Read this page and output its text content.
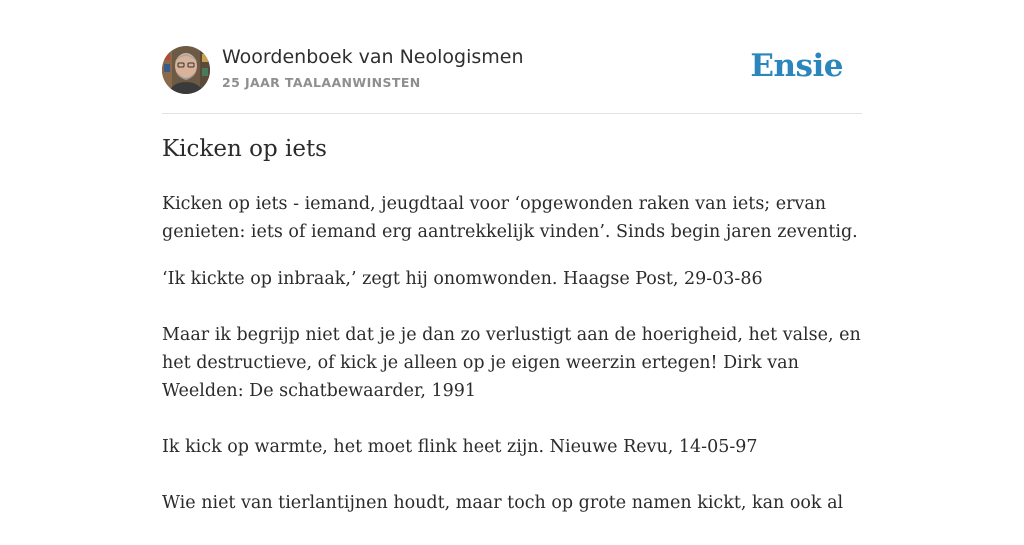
Woordenboek van Neologismen
25 JAAR TAALAANWINSTEN	Ensie
Kicken op iets

Kicken op iets - iemand, jeugdtaal voor ‘opgewonden raken van iets; ervan genieten: iets of iemand erg aantrekkelijk vinden’. Sinds begin jaren zeventig.

‘Ik kickte op inbraak,’ zegt hij onomwonden. Haagse Post, 29-03-86

Maar ik begrijp niet dat je je dan zo verlustigt aan de hoerigheid, het valse, en het destructieve, of kick je alleen op je eigen weerzin ertegen! Dirk van Weelden: De schatbewaarder, 1991

Ik kick op warmte, het moet flink heet zijn. Nieuwe Revu, 14-05-97

Wie niet van tierlantijnen houdt, maar toch op grote namen kickt, kan ook al
